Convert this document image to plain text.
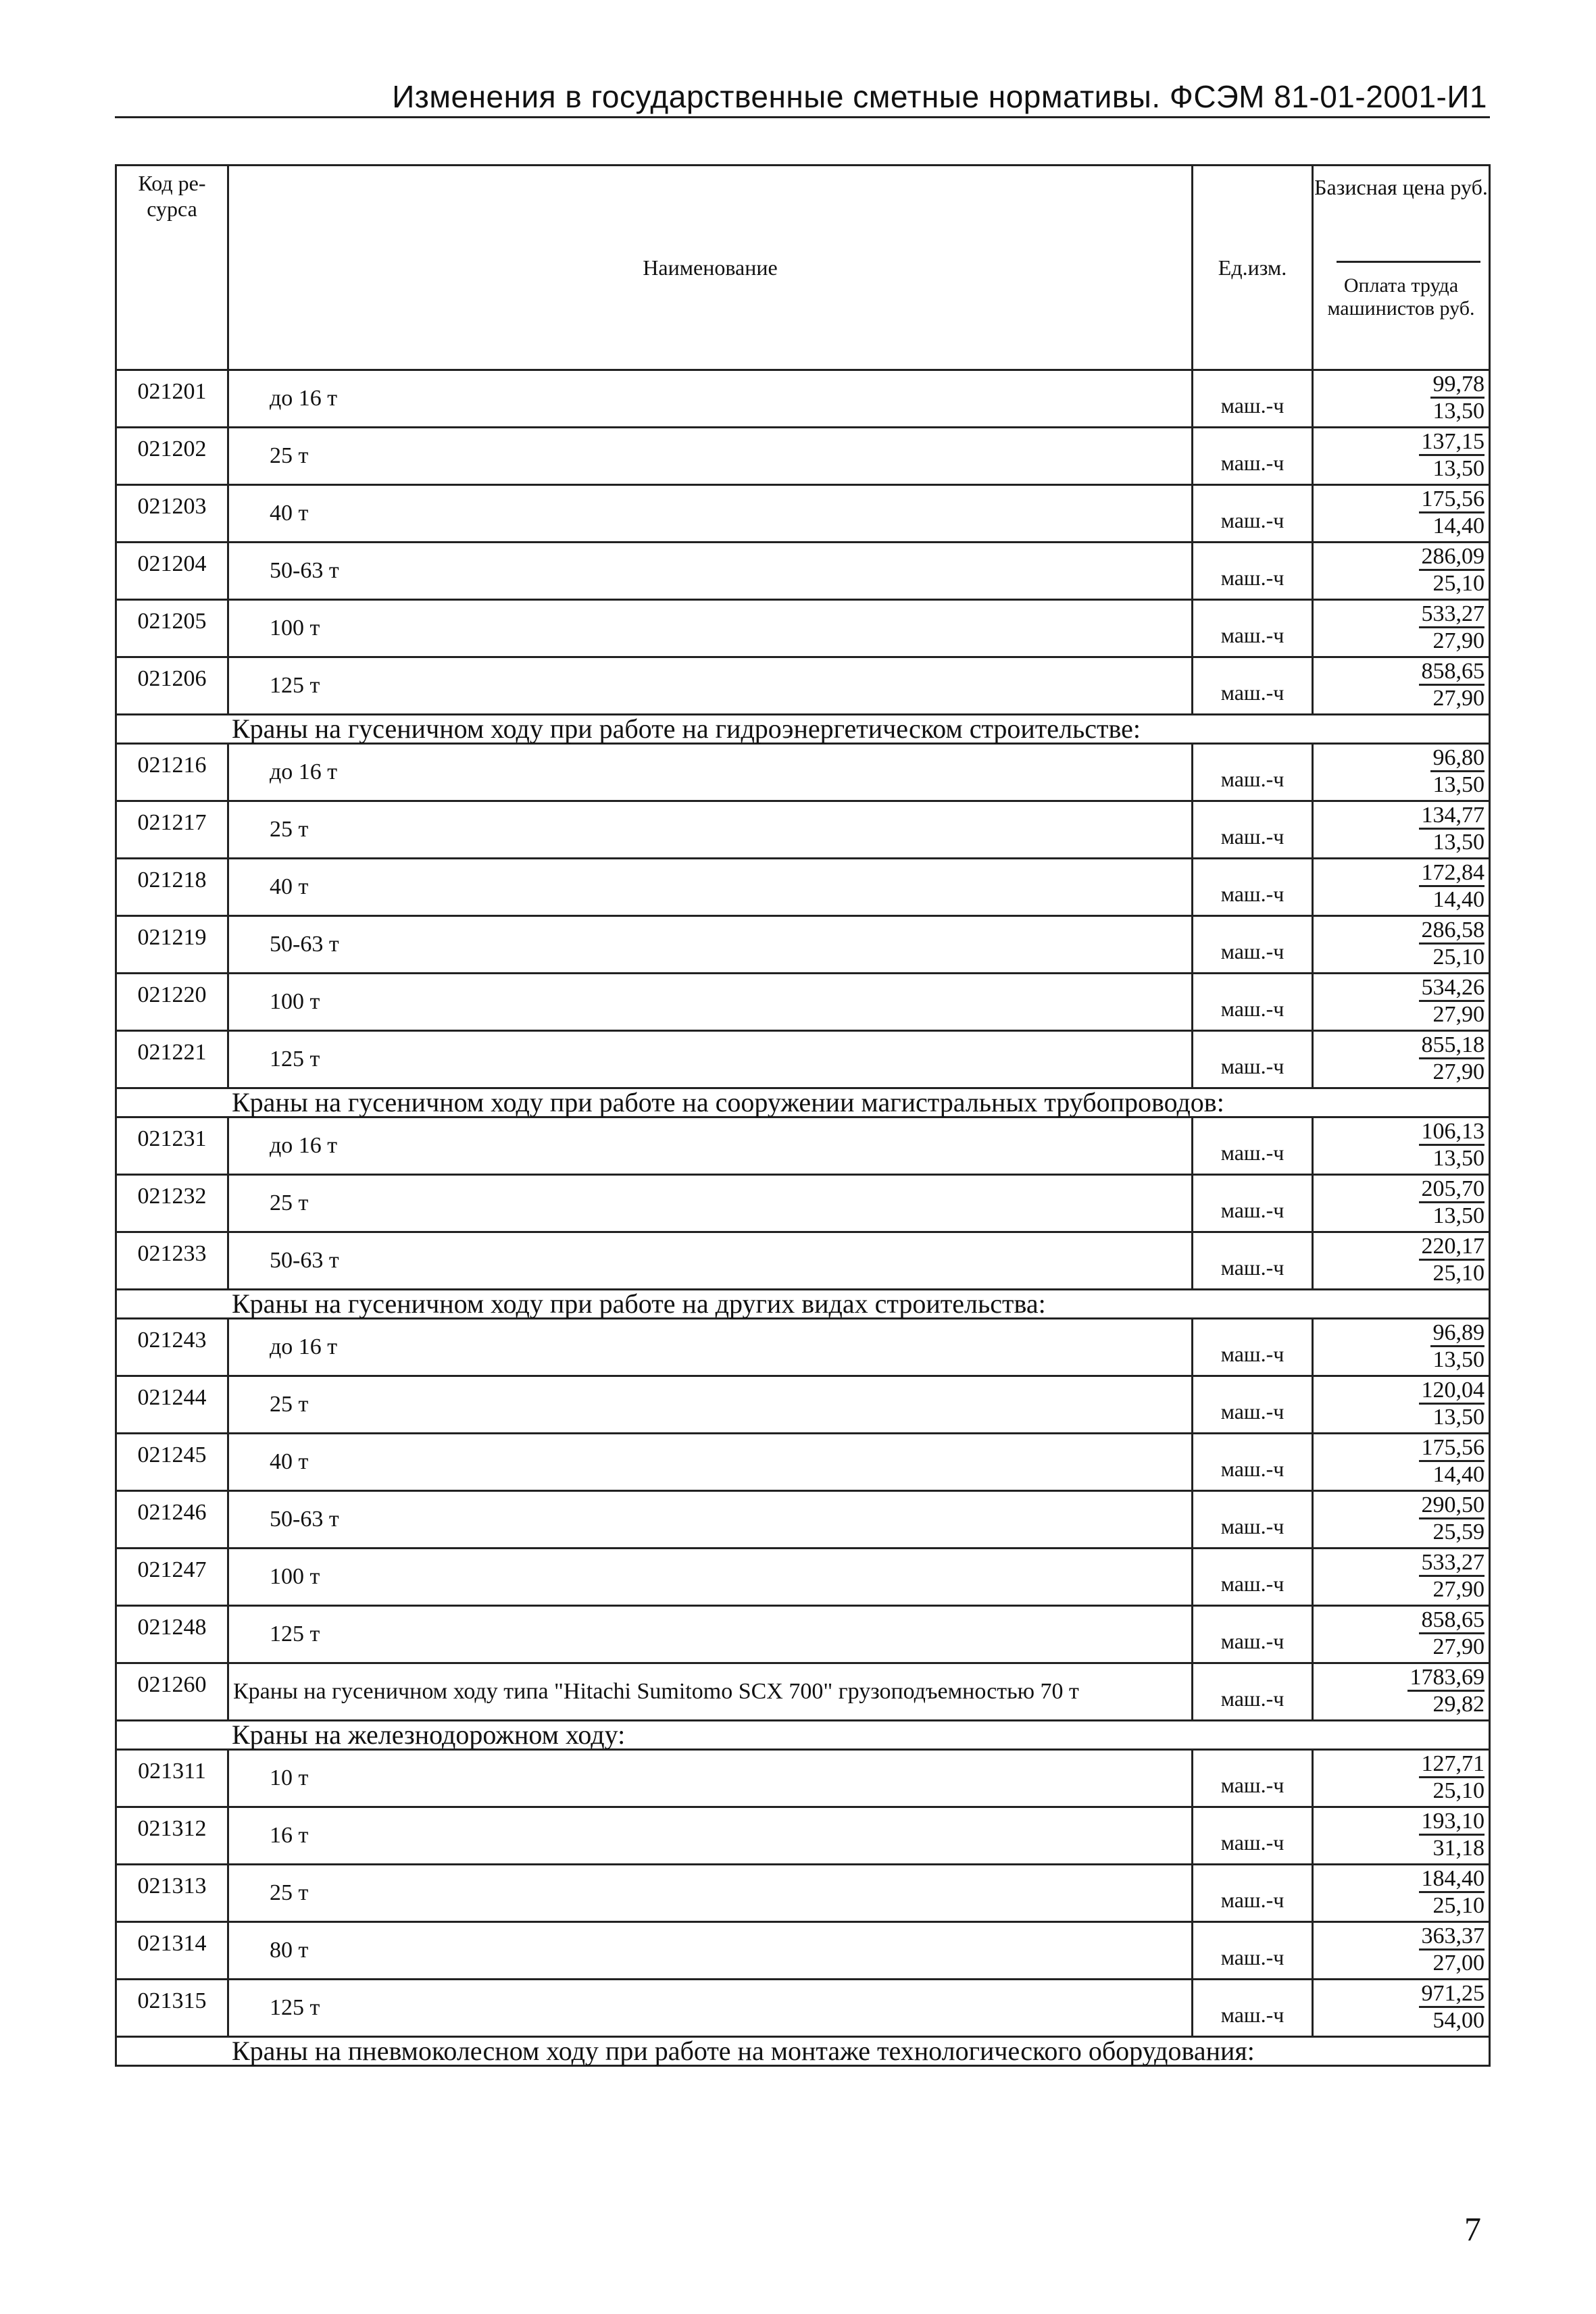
Изменения в государственные сметные нормативы. ФСЭМ 81-01-2001-И1
Код ре- сурса	Наименование	Ед.изм.	Базисная цена руб.
Оплата труда машинистов руб.

021201	до 16 т	маш.-ч	99,78
13,50

021202	25 т	маш.-ч	137,15
13,50

021203	40 т	маш.-ч	175,56
14,40

021204	50-63 т	маш.-ч	286,09
25,10

021205	100 т	маш.-ч	533,27
27,90

021206	125 т	маш.-ч	858,65
27,90

Краны на гусеничном ходу при работе на гидроэнергетическом строительстве:			
021216	до 16 т	маш.-ч	96,80
13,50

021217	25 т	маш.-ч	134,77
13,50

021218	40 т	маш.-ч	172,84
14,40

021219	50-63 т	маш.-ч	286,58
25,10

021220	100 т	маш.-ч	534,26
27,90

021221	125 т	маш.-ч	855,18
27,90

Краны на гусеничном ходу при работе на сооружении магистральных трубопроводов:			
021231	до 16 т	маш.-ч	106,13
13,50

021232	25 т	маш.-ч	205,70
13,50

021233	50-63 т	маш.-ч	220,17
25,10

Краны на гусеничном ходу при работе на других видах строительства:			
021243	до 16 т	маш.-ч	96,89
13,50

021244	25 т	маш.-ч	120,04
13,50

021245	40 т	маш.-ч	175,56
14,40

021246	50-63 т	маш.-ч	290,50
25,59

021247	100 т	маш.-ч	533,27
27,90

021248	125 т	маш.-ч	858,65
27,90

021260	Краны на гусеничном ходу типа "Hitachi Sumitomo SCX 700" грузоподъемностью 70 т	маш.-ч	1783,69
29,82

Краны на железнодорожном ходу:			
021311	10 т	маш.-ч	127,71
25,10

021312	16 т	маш.-ч	193,10
31,18

021313	25 т	маш.-ч	184,40
25,10

021314	80 т	маш.-ч	363,37
27,00

021315	125 т	маш.-ч	971,25
54,00

Краны на пневмоколесном ходу при работе на монтаже технологического оборудования:			
7
